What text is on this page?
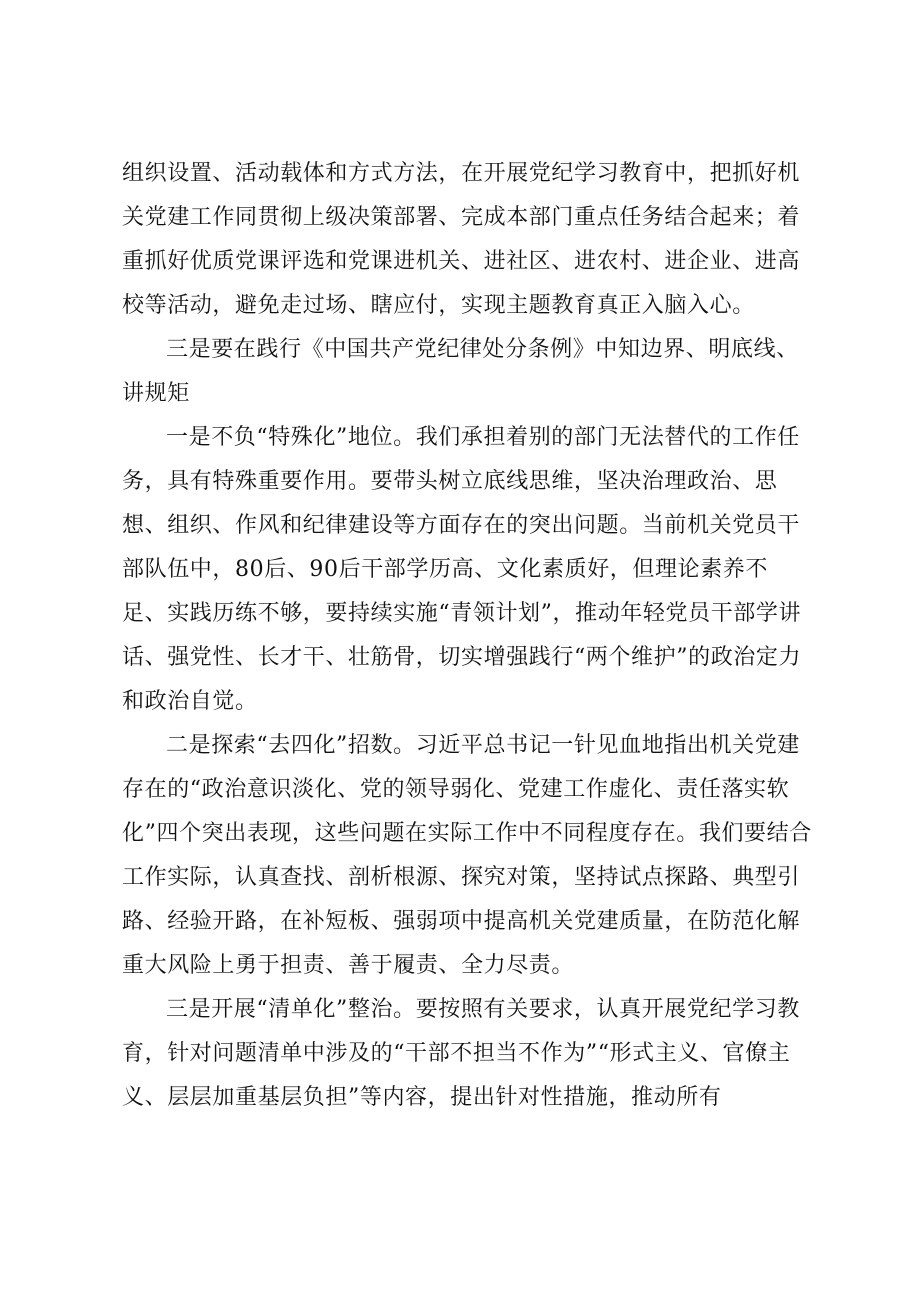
组织设置、活动载体和方式方法，在开展党纪学习教育中，把抓好机关党建工作同贯彻上级决策部署、完成本部门重点任务结合起来；着重抓好优质党课评选和党课进机关、进社区、进农村、进企业、进高校等活动，避免走过场、瞎应付，实现主题教育真正入脑入心。

三是要在践行《中国共产党纪律处分条例》中知边界、明底线、讲规矩

一是不负“特殊化”地位。我们承担着别的部门无法替代的工作任务，具有特殊重要作用。要带头树立底线思维，坚决治理政治、思想、组织、作风和纪律建设等方面存在的突出问题。当前机关党员干部队伍中，80后、90后干部学历高、文化素质好，但理论素养不足、实践历练不够，要持续实施“青领计划”，推动年轻党员干部学讲话、强党性、长才干、壮筋骨，切实增强践行“两个维护”的政治定力和政治自觉。

二是探索“去四化”招数。习近平总书记一针见血地指出机关党建存在的“政治意识淡化、党的领导弱化、党建工作虚化、责任落实软化”四个突出表现，这些问题在实际工作中不同程度存在。我们要结合工作实际，认真查找、剖析根源、探究对策，坚持试点探路、典型引路、经验开路，在补短板、强弱项中提高机关党建质量，在防范化解重大风险上勇于担责、善于履责、全力尽责。

三是开展“清单化”整治。要按照有关要求，认真开展党纪学习教育，针对问题清单中涉及的“干部不担当不作为”“形式主义、官僚主义、层层加重基层负担”等内容，提出针对性措施，推动所有
